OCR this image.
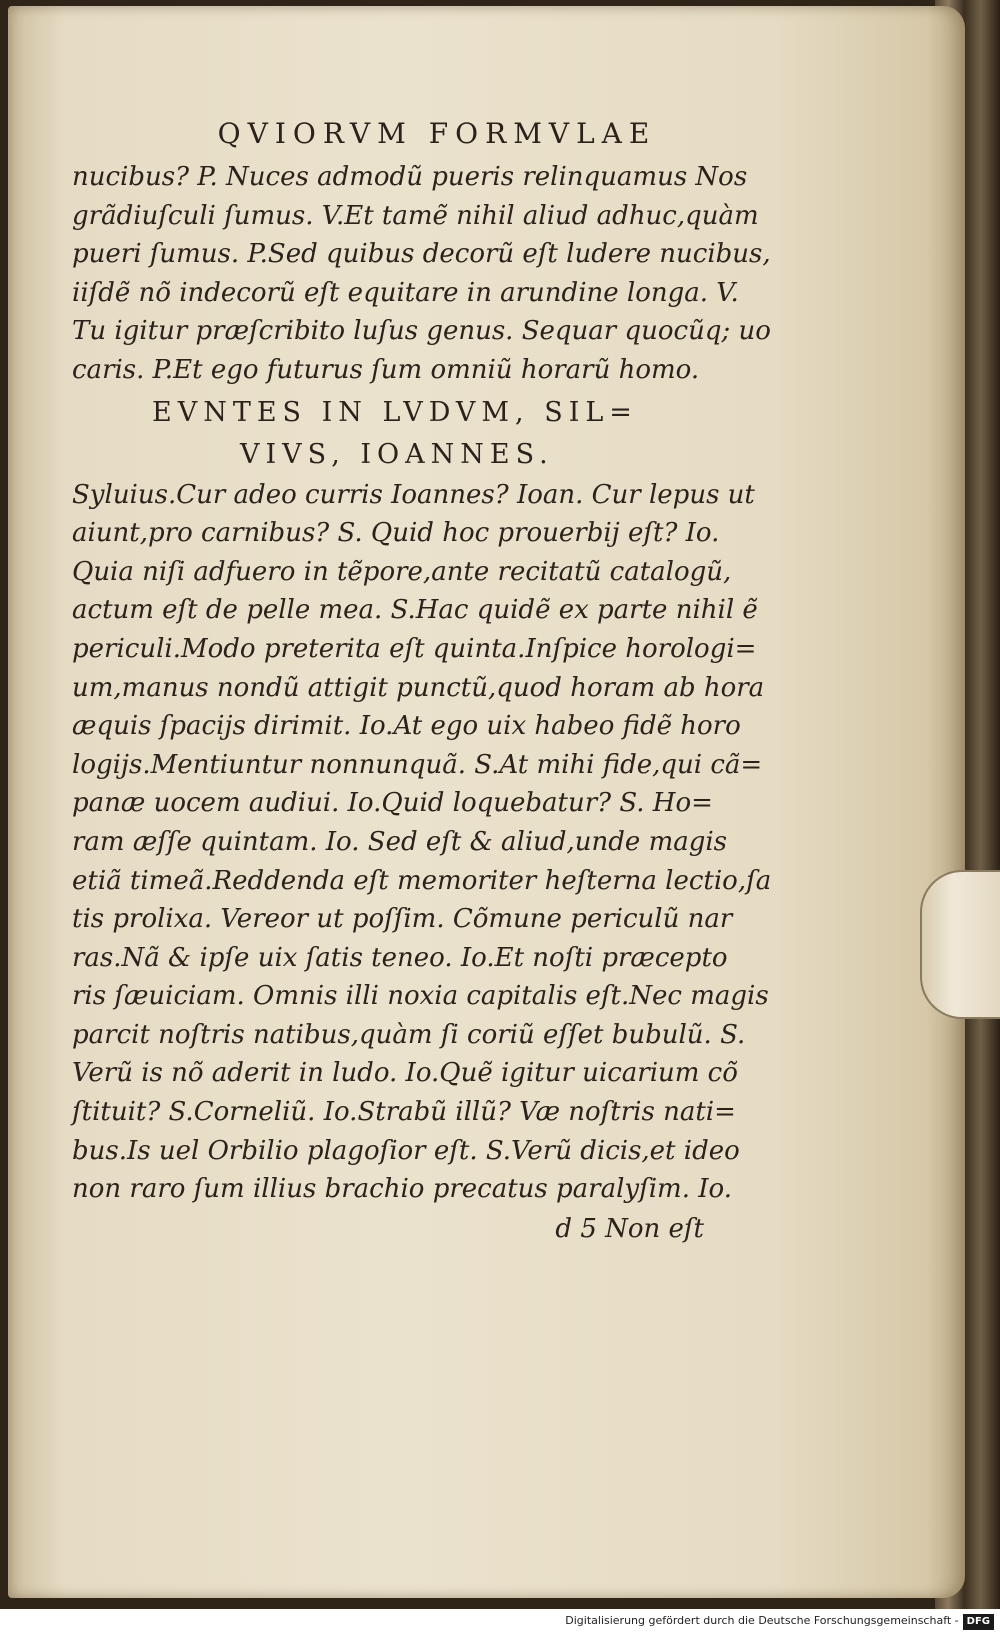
QVIORVM FORMVLAE
nucibus? P. Nuces admodũ pueris relinquamus Nos
grãdiuſculi ſumus. V.Et tamẽ nihil aliud adhuc,quàm
pueri ſumus. P.Sed quibus decorũ eſt ludere nucibus,
iiſdẽ nõ indecorũ eſt equitare in arundine longa. V.
Tu igitur præſcribito luſus genus. Sequar quocũq; uo
caris. P.Et ego futurus ſum omniũ horarũ homo.
EVNTES IN LVDVM, SIL=
VIVS, IOANNES.
Syluius.Cur adeo curris Ioannes? Ioan. Cur lepus ut
aiunt,pro carnibus? S. Quid hoc prouerbij eſt? Io.
Quia niſi adfuero in tẽpore,ante recitatũ catalogũ,
actum eſt de pelle mea. S.Hac quidẽ ex parte nihil ẽ
periculi.Modo preterita eſt quinta.Inſpice horologi=
um,manus nondũ attigit punctũ,quod horam ab hora
æquis ſpacijs dirimit. Io.At ego uix habeo fidẽ horo
logijs.Mentiuntur nonnunquã. S.At mihi fide,qui cã=
panæ uocem audiui. Io.Quid loquebatur? S. Ho=
ram æſſe quintam. Io. Sed eſt & aliud,unde magis
etiã timeã.Reddenda eſt memoriter heſterna lectio,ſa
tis prolixa. Vereor ut poſſim. Cõmune periculũ nar
ras.Nã & ipſe uix ſatis teneo. Io.Et noſti præcepto
ris ſæuiciam. Omnis illi noxia capitalis eſt.Nec magis
parcit noſtris natibus,quàm ſi coriũ eſſet bubulũ. S.
Verũ is nõ aderit in ludo. Io.Quẽ igitur uicarium cõ
ſtituit? S.Corneliũ. Io.Strabũ illũ? Væ noſtris nati=
bus.Is uel Orbilio plagoſior eſt. S.Verũ dicis,et ideo
non raro ſum illius brachio precatus paralyſim. Io.
d 5 Non eſt
Digitalisierung gefördert durch die Deutsche Forschungsgemeinschaft - DFG
